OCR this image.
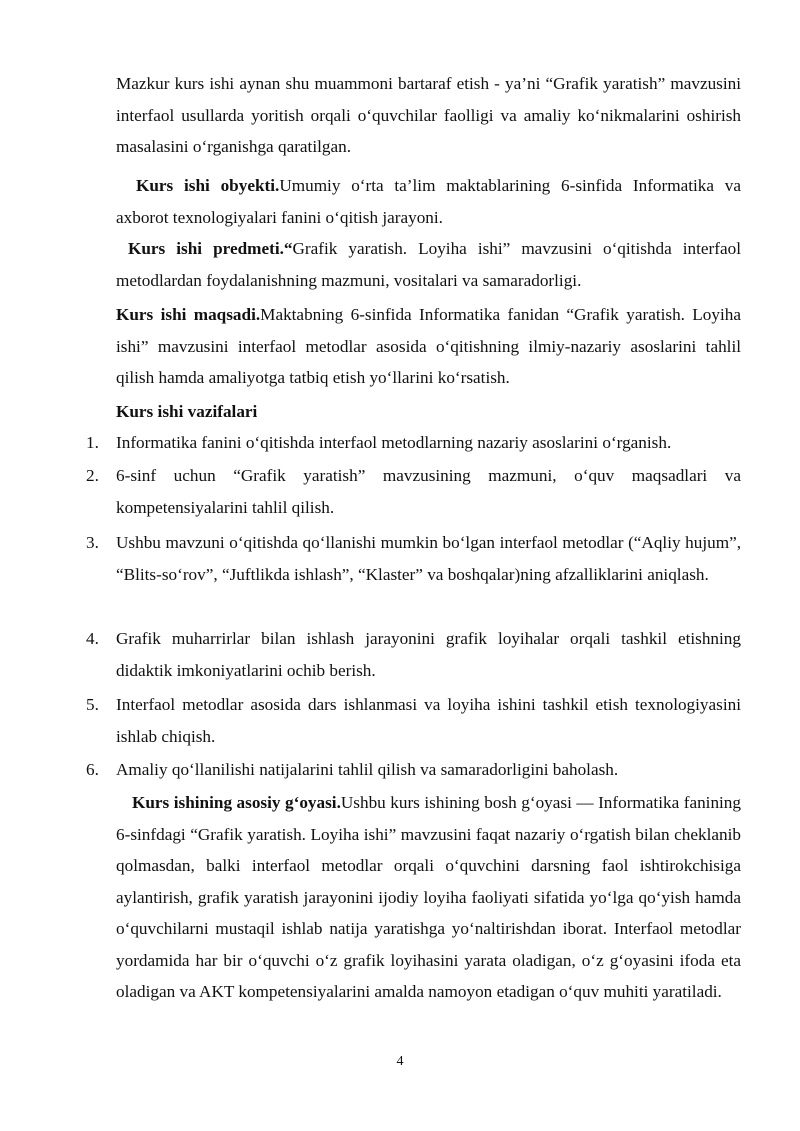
Mazkur kurs ishi aynan shu muammoni bartaraf etish - ya’ni “Grafik yaratish” mavzusini interfaol usullarda yoritish orqali o‘quvchilar faolligi va amaliy ko‘nikmalarini oshirish masalasini o‘rganishga qaratilgan.

Kurs ishi obyekti.Umumiy o‘rta ta’lim maktablarining 6-sinfida Informatika va axborot texnologiyalari fanini o‘qitish jarayoni.

Kurs ishi predmeti.“Grafik yaratish. Loyiha ishi” mavzusini o‘qitishda interfaol metodlardan foydalanishning mazmuni, vositalari va samaradorligi.

Kurs ishi maqsadi.Maktabning 6-sinfida Informatika fanidan “Grafik yaratish. Loyiha ishi” mavzusini interfaol metodlar asosida o‘qitishning ilmiy-nazariy asoslarini tahlil qilish hamda amaliyotga tatbiq etish yo‘llarini ko‘rsatish.

Kurs ishi vazifalari

1. Informatika fanini o‘qitishda interfaol metodlarning nazariy asoslarini o‘rganish.
2. 6-sinf uchun “Grafik yaratish” mavzusining mazmuni, o‘quv maqsadlari va kompetensiyalarini tahlil qilish.
3. Ushbu mavzuni o‘qitishda qo‘llanishi mumkin bo‘lgan interfaol metodlar (“Aqliy hujum”, “Blits-so‘rov”, “Juftlikda ishlash”, “Klaster” va boshqalar)ning afzalliklarini aniqlash.
4. Grafik muharrirlar bilan ishlash jarayonini grafik loyihalar orqali tashkil etishning didaktik imkoniyatlarini ochib berish.
5. Interfaol metodlar asosida dars ishlanmasi va loyiha ishini tashkil etish texnologiyasini ishlab chiqish.
6. Amaliy qo‘llanilishi natijalarini tahlil qilish va samaradorligini baholash.

Kurs ishining asosiy g‘oyasi.Ushbu kurs ishining bosh g‘oyasi — Informatika fanining 6-sinfdagi “Grafik yaratish. Loyiha ishi” mavzusini faqat nazariy o‘rgatish bilan cheklanib qolmasdan, balki interfaol metodlar orqali o‘quvchini darsning faol ishtirokchisiga aylantirish, grafik yaratish jarayonini ijodiy loyiha faoliyati sifatida yo‘lga qo‘yish hamda o‘quvchilarni mustaqil ishlab natija yaratishga yo‘naltirishdan iborat. Interfaol metodlar yordamida har bir o‘quvchi o‘z grafik loyihasini yarata oladigan, o‘z g‘oyasini ifoda eta oladigan va AKT kompetensiyalarini amalda namoyon etadigan o‘quv muhiti yaratiladi.

4
